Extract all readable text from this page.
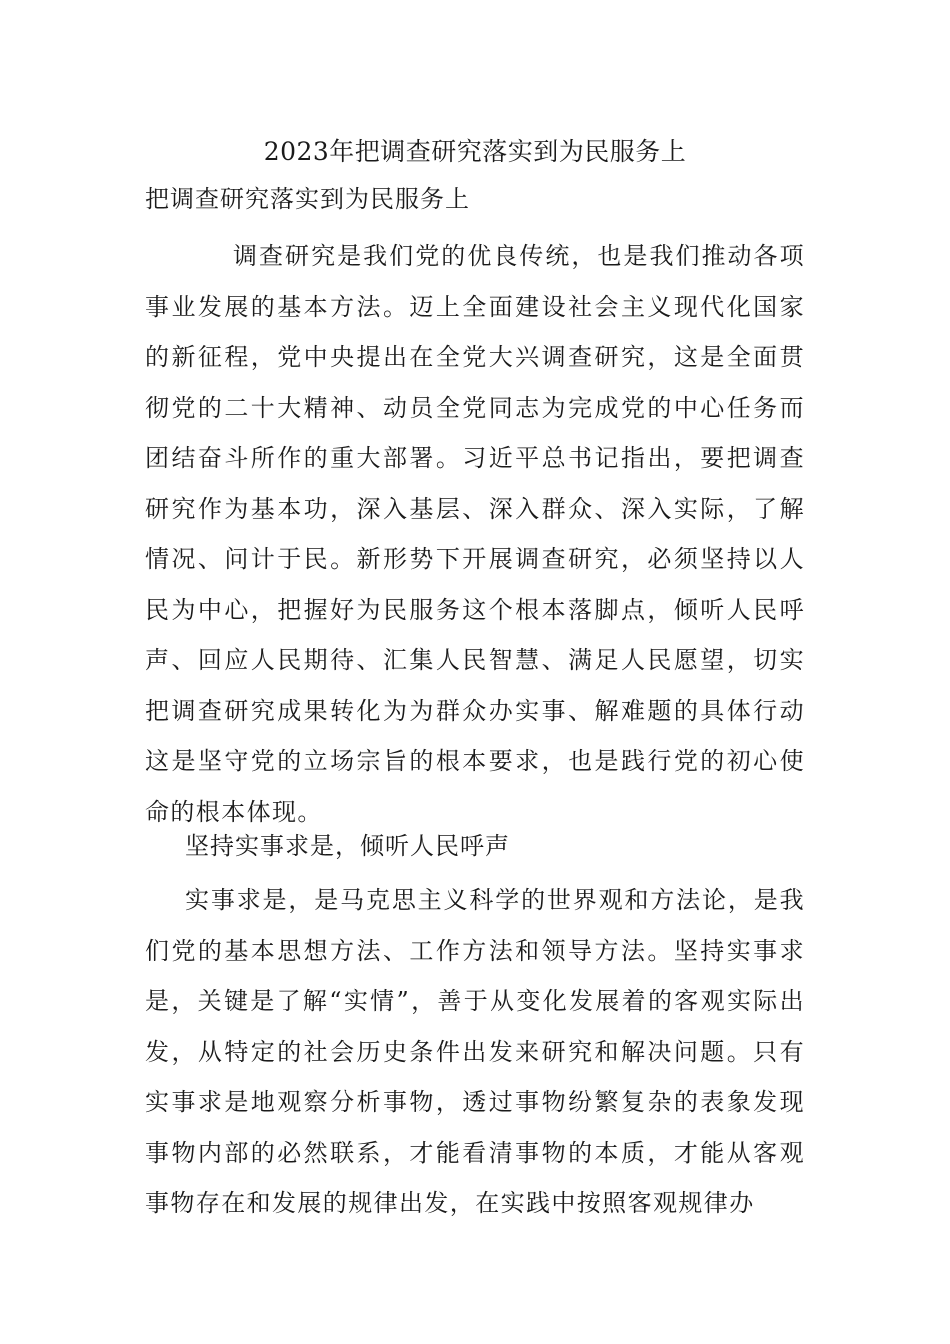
2023年把调查研究落实到为民服务上
把调查研究落实到为民服务上
调查研究是我们党的优良传统，也是我们推动各项事业发展的基本方法。迈上全面建设社会主义现代化国家的新征程，党中央提出在全党大兴调查研究，这是全面贯彻党的二十大精神、动员全党同志为完成党的中心任务而团结奋斗所作的重大部署。习近平总书记指出，要把调查研究作为基本功，深入基层、深入群众、深入实际，了解情况、问计于民。新形势下开展调查研究，必须坚持以人民为中心，把握好为民服务这个根本落脚点，倾听人民呼声、回应人民期待、汇集人民智慧、满足人民愿望，切实把调查研究成果转化为为群众办实事、解难题的具体行动这是坚守党的立场宗旨的根本要求，也是践行党的初心使命的根本体现。
坚持实事求是，倾听人民呼声
实事求是，是马克思主义科学的世界观和方法论，是我们党的基本思想方法、工作方法和领导方法。坚持实事求是，关键是了解“实情”，善于从变化发展着的客观实际出发，从特定的社会历史条件出发来研究和解决问题。只有实事求是地观察分析事物，透过事物纷繁复杂的表象发现事物内部的必然联系，才能看清事物的本质，才能从客观事物存在和发展的规律出发，在实践中按照客观规律办
